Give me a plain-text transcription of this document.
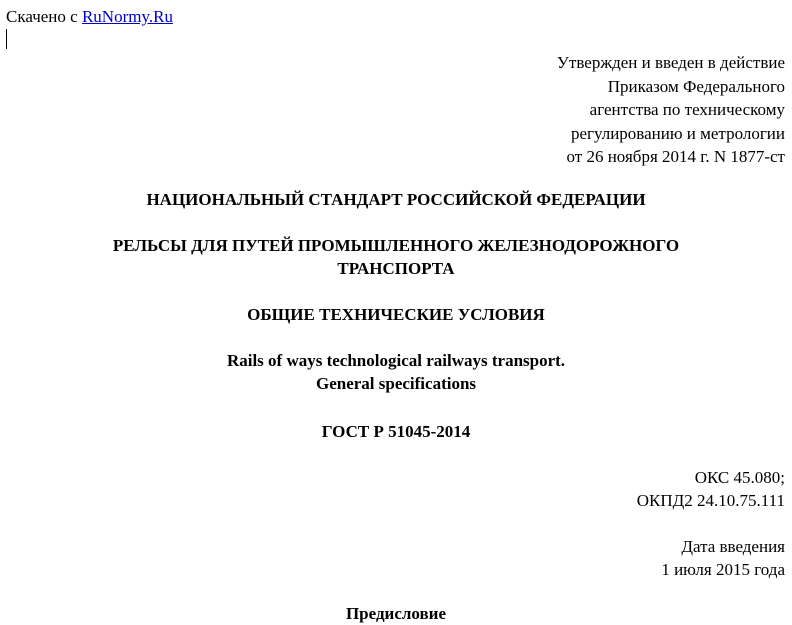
Скачено с RuNormy.Ru
Утвержден и введен в действие
Приказом Федерального
агентства по техническому
регулированию и метрологии
от 26 ноября 2014 г. N 1877-ст
НАЦИОНАЛЬНЫЙ СТАНДАРТ РОССИЙСКОЙ ФЕДЕРАЦИИ
РЕЛЬСЫ ДЛЯ ПУТЕЙ ПРОМЫШЛЕННОГО ЖЕЛЕЗНОДОРОЖНОГО
ТРАНСПОРТА
ОБЩИЕ ТЕХНИЧЕСКИЕ УСЛОВИЯ
Rails of ways technological railways transport.
General specifications
ГОСТ Р 51045-2014
ОКС 45.080;
ОКПД2 24.10.75.111
Дата введения
1 июля 2015 года
Предисловие
